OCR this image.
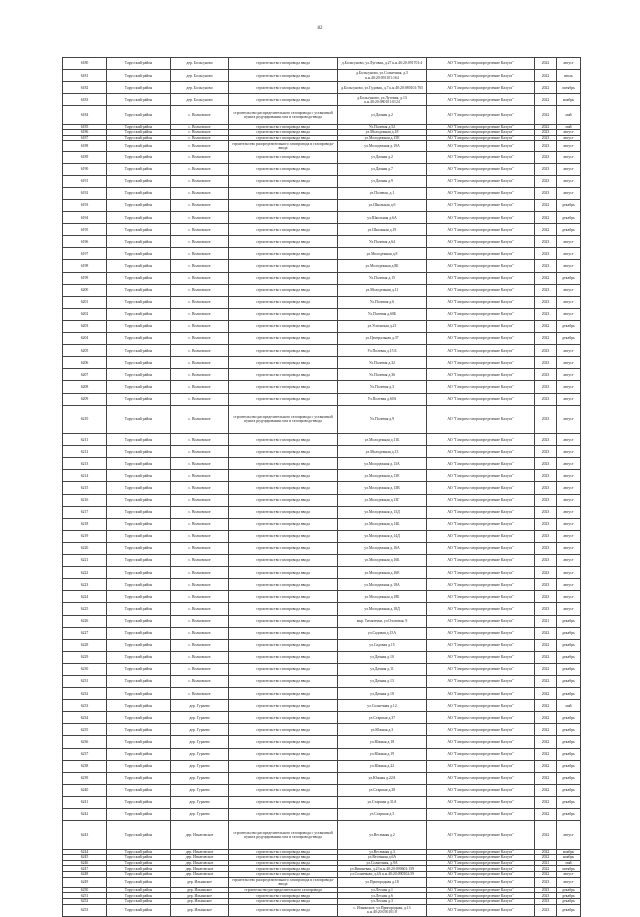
82
6180	Тарусский район	дер. Больсуново	строительство газопровода ввода	д.Больсуново, ул.Луговая, д.27 к.н.40:20:091701:4	АО "Газпром газораспределение Калуга"	2022	август
6181	Тарусский район	дер. Больсуново	строительство газопровода ввода	д.Больсуново, ул.Солнечная, д.5 к.н.40:20:091101:164	АО "Газпром газораспределение Калуга"	2022	июль
6182	Тарусский район	дер. Больсуново	строительство газопровода ввода	д.Больсуново, ул.Гудовая, д.7 к.н.40:20:080101:765	АО "Газпром газораспределение Калуга"	2022	октябрь
6183	Тарусский район	дер. Больсуново	строительство газопровода ввода	д.Больсуново, ул.Луговая, д.13 к.н.40:20:080101:0124	АО "Газпром газораспределение Калуга"	2022	ноябрь
6184	Тарусский район	с. Волковское	строительство распределительного газопровода с установкой пункта редуцирования газа и газопровода-ввода	ул.Дачная д.2	АО "Газпром газораспределение Калуга"	2022	май
6185	Тарусский район	с. Волковское	строительство газопровода ввода	Ул.Полевая д.52	АО "Газпром газораспределение Калуга"	2022	май
6186	Тарусский район	с. Волковское	строительство газопровода ввода	ул.Молодежная д.18	АО "Газпром газораспределение Калуга"	2023	август
6187	Тарусский район	с. Волковское	строительство газопровода ввода	ул.Молодежная д.15Е	АО "Газпром газораспределение Калуга"	2023	август
6188	Тарусский район	с. Волковское	строительство распределительного газопровода и газопровода-ввода	ул.Молодежная д.19А	АО "Газпром газораспределение Калуга"	2023	август
6189	Тарусский район	с. Волковское	строительство газопровода ввода	ул.Дачная д.2	АО "Газпром газораспределение Калуга"	2023	август
6190	Тарусский район	с. Волковское	строительство газопровода ввода	ул.Дачная д.7	АО "Газпром газораспределение Калуга"	2023	август
6191	Тарусский район	с. Волковское	строительство газопровода ввода	ул.Дачная д.9	АО "Газпром газораспределение Калуга"	2023	август
6192	Тарусский район	с. Волковское	строительство газопровода ввода	ул.Полевая, д.1	АО "Газпром газораспределение Калуга"	2023	август
6193	Тарусский район	с. Волковское	строительство газопровода ввода	ул.Школьная д.6	АО "Газпром газораспределение Калуга"	2022	декабрь
6194	Тарусский район	с. Волковское	строительство газопровода ввода	ул.Школьная д.6А	АО "Газпром газораспределение Калуга"	2022	декабрь
6195	Тарусский район	с. Волковское	строительство газопровода ввода	ул.Школьная д.19	АО "Газпром газораспределение Калуга"	2022	декабрь
6196	Тарусский район	с. Волковское	строительство газопровода ввода	Ул.Полевая д.64	АО "Газпром газораспределение Калуга"	2023	август
6197	Тарусский район	с. Волковское	строительство газопровода ввода	ул.Молодежная д.8	АО "Газпром газораспределение Калуга"	2023	август
6198	Тарусский район	с. Волковское	строительство газопровода ввода	ул.Молодежная д.8Б	АО "Газпром газораспределение Калуга"	2023	август
6199	Тарусский район	с. Волковское	строительство газопровода ввода	Ул.Полевая д.15	АО "Газпром газораспределение Калуга"	2022	декабрь
6200	Тарусский район	с. Волковское	строительство газопровода ввода	ул.Молодежная д.11	АО "Газпром газораспределение Калуга"	2023	август
6201	Тарусский район	с. Волковское	строительство газопровода ввода	Ул.Полевая д.6	АО "Газпром газораспределение Калуга"	2023	август
6202	Тарусский район	с. Волковское	строительство газопровода ввода	Ул.Полевая д.60Б	АО "Газпром газораспределение Калуга"	2023	август
6203	Тарусский район	с. Волковское	строительство газопровода ввода	ул.Успенская д.21	АО "Газпром газораспределение Калуга"	2022	декабрь
6204	Тарусский район	с. Волковское	строительство газопровода ввода	ул.Центральная д.37	АО "Газпром газораспределение Калуга"	2022	декабрь
6205	Тарусский район	с. Волковское	строительство газопровода ввода	Ул.Полевая д.15 Б	АО "Газпром газораспределение Калуга"	2023	август
6206	Тарусский район	с. Волковское	строительство газопровода ввода	Ул.Полевая д.32	АО "Газпром газораспределение Калуга"	2023	август
6207	Тарусский район	с. Волковское	строительство газопровода ввода	Ул.Полевая д.36	АО "Газпром газораспределение Калуга"	2023	август
6208	Тарусский район	с. Волковское	строительство газопровода ввода	Ул.Полевая д.3	АО "Газпром газораспределение Калуга"	2023	август
6209	Тарусский район	с. Волковское	строительство газопровода ввода	Ул.Полевая д.60А	АО "Газпром газораспределение Калуга"	2023	август
6210	Тарусский район	с. Волковское	строительство распределительного газопровода с установкой пункта редуцирования газа и газопровода-ввода	Ул.Полевая д.9	АО "Газпром газораспределение Калуга"	2023	август
6211	Тарусский район	с. Волковское	строительство газопровода ввода	ул.Молодежная д.11Б	АО "Газпром газораспределение Калуга"	2023	август
6212	Тарусский район	с. Волковское	строительство газопровода ввода	ул.Молодежная д.13	АО "Газпром газораспределение Калуга"	2023	август
6213	Тарусский район	с. Волковское	строительство газопровода ввода	ул.Молодежная д.13А	АО "Газпром газораспределение Калуга"	2023	август
6214	Тарусский район	с. Волковское	строительство газопровода ввода	ул.Молодежная д.13Е	АО "Газпром газораспределение Калуга"	2023	август
6215	Тарусский район	с. Волковское	строительство газопровода ввода	ул.Молодежная д.13В	АО "Газпром газораспределение Калуга"	2023	август
6216	Тарусский район	с. Волковское	строительство газопровода ввода	ул.Молодежная д.13Г	АО "Газпром газораспределение Калуга"	2023	август
6217	Тарусский район	с. Волковское	строительство газопровода ввода	ул.Молодежная д.13Д	АО "Газпром газораспределение Калуга"	2023	август
6218	Тарусский район	с. Волковское	строительство газопровода ввода	ул.Молодежная д.14Б	АО "Газпром газораспределение Калуга"	2023	август
6219	Тарусский район	с. Волковское	строительство газопровода ввода	ул.Молодежная д.14Д	АО "Газпром газораспределение Калуга"	2023	август
6220	Тарусский район	с. Волковское	строительство газопровода ввода	ул.Молодежная д.16А	АО "Газпром газораспределение Калуга"	2023	август
6221	Тарусский район	с. Волковское	строительство газопровода ввода	ул.Молодежная д.16Б	АО "Газпром газораспределение Калуга"	2023	август
6222	Тарусский район	с. Волковское	строительство газопровода ввода	ул.Молодежная д.16Е	АО "Газпром газораспределение Калуга"	2023	август
6223	Тарусский район	с. Волковское	строительство газопровода ввода	ул.Молодежная д.18А	АО "Газпром газораспределение Калуга"	2023	август
6224	Тарусский район	с. Волковское	строительство газопровода ввода	ул.Молодежная д.18Б	АО "Газпром газораспределение Калуга"	2023	август
6225	Тарусский район	с. Волковское	строительство газопровода ввода	ул.Молодежная д.18Д	АО "Газпром газораспределение Калуга"	2023	август
6226	Тарусский район	с. Волковское	строительство газопровода ввода	мкр. Тихапечки, ул.Озоловая, 9	АО "Газпром газораспределение Калуга"	2021	декабрь
6227	Тарусский район	с. Волковское	строительство газопровода ввода	ул.Садовая д.15А	АО "Газпром газораспределение Калуга"	2022	декабрь
6228	Тарусский район	с. Волковское	строительство газопровода ввода	ул.Садовая д.15	АО "Газпром газораспределение Калуга"	2022	декабрь
6229	Тарусский район	с. Волковское	строительство газопровода ввода	ул.Дачная д.10	АО "Газпром газораспределение Калуга"	2022	декабрь
6230	Тарусский район	с. Волковское	строительство газопровода ввода	ул.Дачная д.11	АО "Газпром газораспределение Калуга"	2022	декабрь
6231	Тарусский район	с. Волковское	строительство газопровода ввода	ул.Дачная д.13	АО "Газпром газораспределение Калуга"	2022	декабрь
6232	Тарусский район	с. Волковское	строительство газопровода ввода	ул.Дачная д.18	АО "Газпром газораспределение Калуга"	2022	декабрь
6233	Тарусский район	дер. Гурьево	строительство газопровода ввода	ул.Солнечная д.12	АО "Газпром газораспределение Калуга"	2022	май
6234	Тарусский район	дер. Гурьево	строительство газопровода ввода	ул.Старшая д.37	АО "Газпром газораспределение Калуга"	2022	декабрь
6235	Тарусский район	дер. Гурьево	строительство газопровода ввода	ул.Южная д.3	АО "Газпром газораспределение Калуга"	2022	декабрь
6236	Тарусский район	дер. Гурьево	строительство газопровода ввода	ул.Южная д.18	АО "Газпром газораспределение Калуга"	2022	декабрь
6237	Тарусский район	дер. Гурьево	строительство газопровода ввода	ул.Южная д.19	АО "Газпром газораспределение Калуга"	2022	декабрь
6238	Тарусский район	дер. Гурьево	строительство газопровода ввода	ул.Южная д.22	АО "Газпром газораспределение Калуга"	2022	декабрь
6239	Тарусский район	дер. Гурьево	строительство газопровода ввода	ул.Южная д.22А	АО "Газпром газораспределение Калуга"	2022	декабрь
6240	Тарусский район	дер. Гурьево	строительство газопровода ввода	ул.Старшая д.28	АО "Газпром газораспределение Калуга"	2022	декабрь
6241	Тарусский район	дер. Гурьево	строительство газопровода ввода	ул.Старшая д.31А	АО "Газпром газораспределение Калуга"	2022	декабрь
6242	Тарусский район	дер. Гурьево	строительство газопровода ввода	ул.Старшая д.5	АО "Газпром газораспределение Калуга"	2022	декабрь
6243	Тарусский район	дер. Игнатовское	строительство распределительного газопровода с установкой пункта редуцирования газа и газопровода-ввода	ул.Весенняя д.2	АО "Газпром газораспределение Калуга"	2022	август
6244	Тарусский район	дер. Игнатовское	строительство газопровода ввода	ул.Весенняя д.3	АО "Газпром газораспределение Калуга"	2022	ноябрь
6245	Тарусский район	дер. Игнатовское	строительство газопровода ввода	ул.Весенняя д.6А	АО "Газпром газораспределение Калуга"	2022	ноябрь
6246	Тарусский район	дер. Игнатовское	строительство газопровода ввода	ул.Солнечная, д.9А	АО "Газпром газораспределение Калуга"	2021	май
6247	Тарусский район	дер. Игнатовское	строительство газопровода ввода	ул.Вишневая, д.23 к.н.40:20:090601:159	АО "Газпром газораспределение Калуга"	2022	октябрь
6248	Тарусский район	дер. Игнатовское	строительство газопровода ввода	ул.Солнечная, д.4А к.н.40:20:090502:59	АО "Газпром газораспределение Калуга"	2022	август
6249	Тарусский район	дер. Ильинское	строительство распределительного газопровода и газопровода-ввода	ул.Пригородная д.18	АО "Газпром газораспределение Калуга"	2023	август
6250	Тарусский район	дер. Ильинское	строительство распределительного газопровода	ул.Лесная д.1	АО "Газпром газораспределение Калуга"	2023	декабрь
6251	Тарусский район	дер. Ильинское	строительство газопровода ввода	ул.Лесная д.6	АО "Газпром газораспределение Калуга"	2023	декабрь
6252	Тарусский район	дер. Ильинское	строительство газопровода ввода	ул.Лесная д.3	АО "Газпром газораспределение Калуга"	2023	декабрь
6253	Тарусский район	дер. Ильинское	строительство газопровода ввода	с. Ильинское, ул.Пригородная, д.13 к.н.40:20:050101:8	АО "Газпром газораспределение Калуга"	2023	декабрь
